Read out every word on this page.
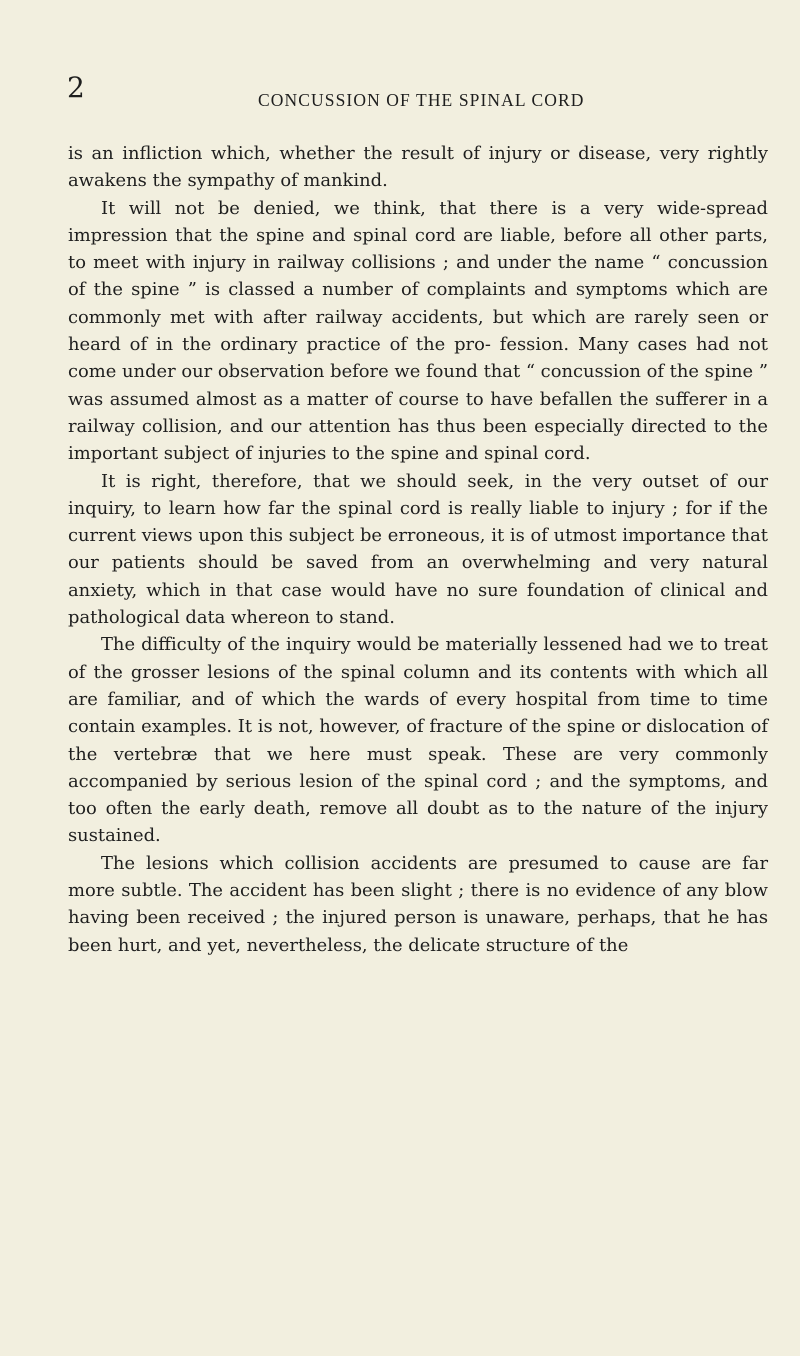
2	CONCUSSION OF THE SPINAL CORD

is an infliction which, whether the result of injury or disease, very rightly awakens the sympathy of mankind.

It will not be denied, we think, that there is a very wide-spread impression that the spine and spinal cord are liable, before all other parts, to meet with injury in railway collisions ; and under the name “ concussion of the spine ” is classed a number of complaints and symptoms which are commonly met with after railway accidents, but which are rarely seen or heard of in the ordinary practice of the pro- fession. Many cases had not come under our observation before we found that “ concussion of the spine ” was assumed almost as a matter of course to have befallen the sufferer in a railway collision, and our attention has thus been especially directed to the important subject of injuries to the spine and spinal cord.

It is right, therefore, that we should seek, in the very outset of our inquiry, to learn how far the spinal cord is really liable to injury ; for if the current views upon this subject be erroneous, it is of utmost importance that our patients should be saved from an overwhelming and very natural anxiety, which in that case would have no sure foundation of clinical and pathological data whereon to stand.

The difficulty of the inquiry would be materially lessened had we to treat of the grosser lesions of the spinal column and its contents with which all are familiar, and of which the wards of every hospital from time to time contain examples. It is not, however, of fracture of the spine or dislocation of the vertebræ that we here must speak. These are very commonly accompanied by serious lesion of the spinal cord ; and the symptoms, and too often the early death, remove all doubt as to the nature of the injury sustained.

The lesions which collision accidents are presumed to cause are far more subtle. The accident has been slight ; there is no evidence of any blow having been received ; the injured person is unaware, perhaps, that he has been hurt, and yet, nevertheless, the delicate structure of the
